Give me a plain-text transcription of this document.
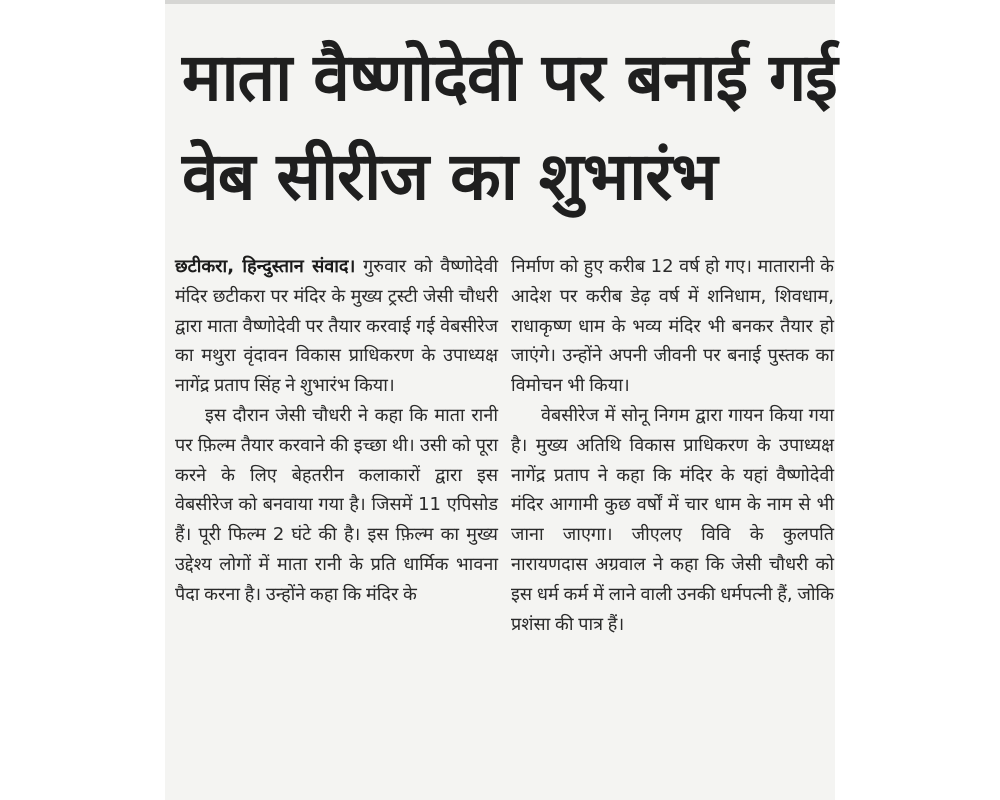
माता वैष्णोदेवी पर बनाई गई
वेब सीरीज का शुभारंभ

छटीकरा, हिन्दुस्तान संवाद। गुरुवार को वैष्णोदेवी मंदिर छटीकरा पर मंदिर के मुख्य ट्रस्टी जेसी चौधरी द्वारा माता वैष्णोदेवी पर तैयार करवाई गई वेबसीरेज का मथुरा वृंदावन विकास प्राधिकरण के उपाध्यक्ष नागेंद्र प्रताप सिंह ने शुभारंभ किया।

इस दौरान जेसी चौधरी ने कहा कि माता रानी पर फ़िल्म तैयार करवाने की इच्छा थी। उसी को पूरा करने के लिए बेहतरीन कलाकारों द्वारा इस वेबसीरेज को बनवाया गया है। जिसमें 11 एपिसोड हैं। पूरी फिल्म 2 घंटे की है। इस फ़िल्म का मुख्य उद्देश्य लोगों में माता रानी के प्रति धार्मिक भावना पैदा करना है। उन्होंने कहा कि मंदिर के

निर्माण को हुए करीब 12 वर्ष हो गए। मातारानी के आदेश पर करीब डेढ़ वर्ष में शनिधाम, शिवधाम, राधाकृष्ण धाम के भव्य मंदिर भी बनकर तैयार हो जाएंगे। उन्होंने अपनी जीवनी पर बनाई पुस्तक का विमोचन भी किया।

वेबसीरेज में सोनू निगम द्वारा गायन किया गया है। मुख्य अतिथि विकास प्राधिकरण के उपाध्यक्ष नागेंद्र प्रताप ने कहा कि मंदिर के यहां वैष्णोदेवी मंदिर आगामी कुछ वर्षों में चार धाम के नाम से भी जाना जाएगा। जीएलए विवि के कुलपति नारायणदास अग्रवाल ने कहा कि जेसी चौधरी को इस धर्म कर्म में लाने वाली उनकी धर्मपत्नी हैं, जोकि प्रशंसा की पात्र हैं।
